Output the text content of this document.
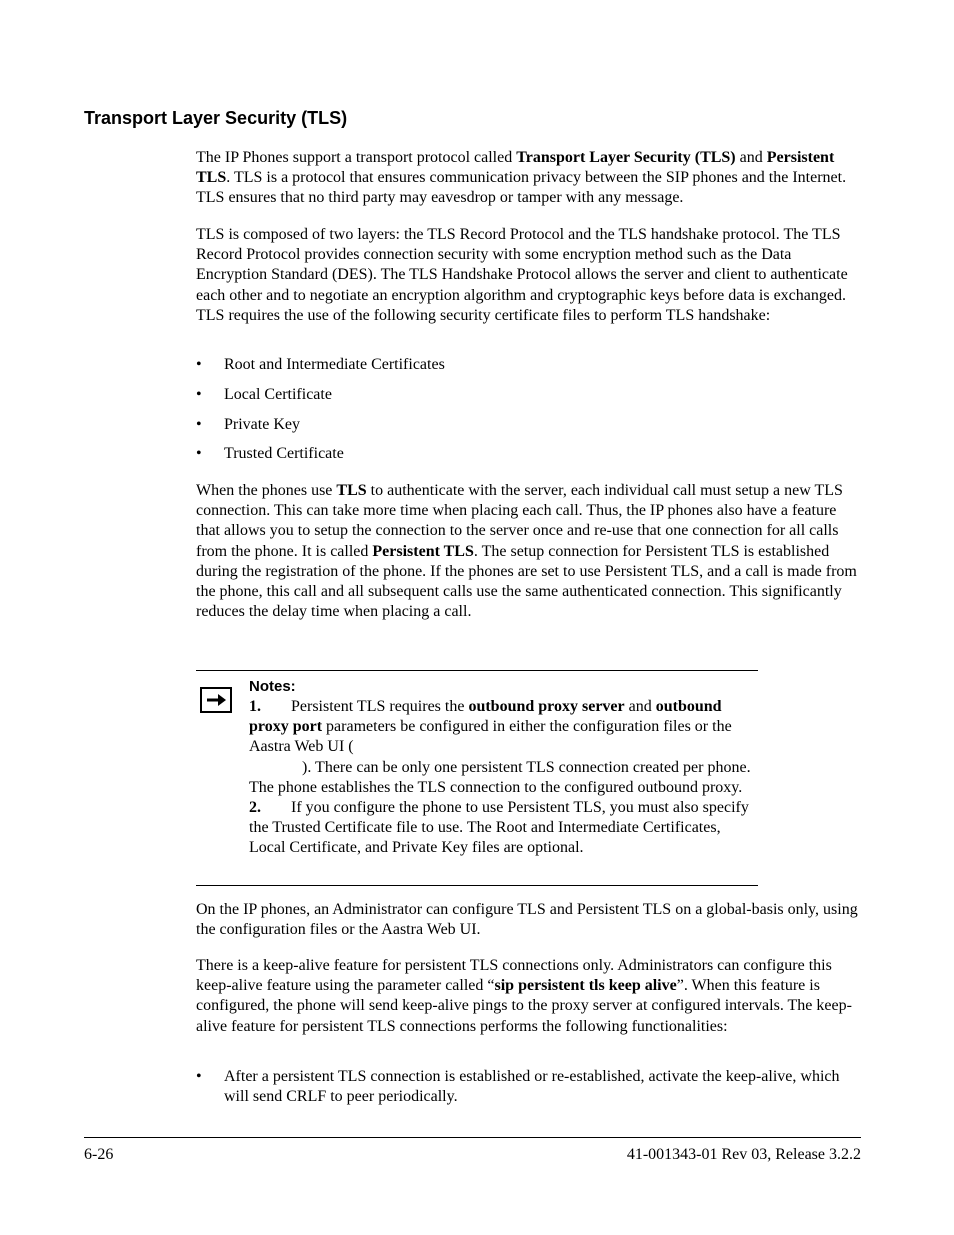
Transport Layer Security (TLS)

The IP Phones support a transport protocol called Transport Layer Security (TLS) and Persistent TLS. TLS is a protocol that ensures communication privacy between the SIP phones and the Internet. TLS ensures that no third party may eavesdrop or tamper with any message.

TLS is composed of two layers: the TLS Record Protocol and the TLS handshake protocol. The TLS Record Protocol provides connection security with some encryption method such as the Data Encryption Standard (DES). The TLS Handshake Protocol allows the server and client to authenticate each other and to negotiate an encryption algorithm and cryptographic keys before data is exchanged. TLS requires the use of the following security certificate files to perform TLS handshake:

• Root and Intermediate Certificates
• Local Certificate
• Private Key
• Trusted Certificate

When the phones use TLS to authenticate with the server, each individual call must setup a new TLS connection. This can take more time when placing each call. Thus, the IP phones also have a feature that allows you to setup the connection to the server once and re-use that one connection for all calls from the phone. It is called Persistent TLS. The setup connection for Persistent TLS is established during the registration of the phone. If the phones are set to use Persistent TLS, and a call is made from the phone, this call and all subsequent calls use the same authenticated connection. This significantly reduces the delay time when placing a call.

Notes:
1. Persistent TLS requires the outbound proxy server and outbound proxy port parameters be configured in either the configuration files or the Aastra Web UI (
). There can be only one persistent TLS connection created per phone. The phone establishes the TLS connection to the configured outbound proxy.
2. If you configure the phone to use Persistent TLS, you must also specify the Trusted Certificate file to use. The Root and Intermediate Certificates, Local Certificate, and Private Key files are optional.

On the IP phones, an Administrator can configure TLS and Persistent TLS on a global-basis only, using the configuration files or the Aastra Web UI.

There is a keep-alive feature for persistent TLS connections only. Administrators can configure this keep-alive feature using the parameter called “sip persistent tls keep alive”. When this feature is configured, the phone will send keep-alive pings to the proxy server at configured intervals. The keep-alive feature for persistent TLS connections performs the following functionalities:

• After a persistent TLS connection is established or re-established, activate the keep-alive, which will send CRLF to peer periodically.
6-26	41-001343-01 Rev 03, Release 3.2.2
